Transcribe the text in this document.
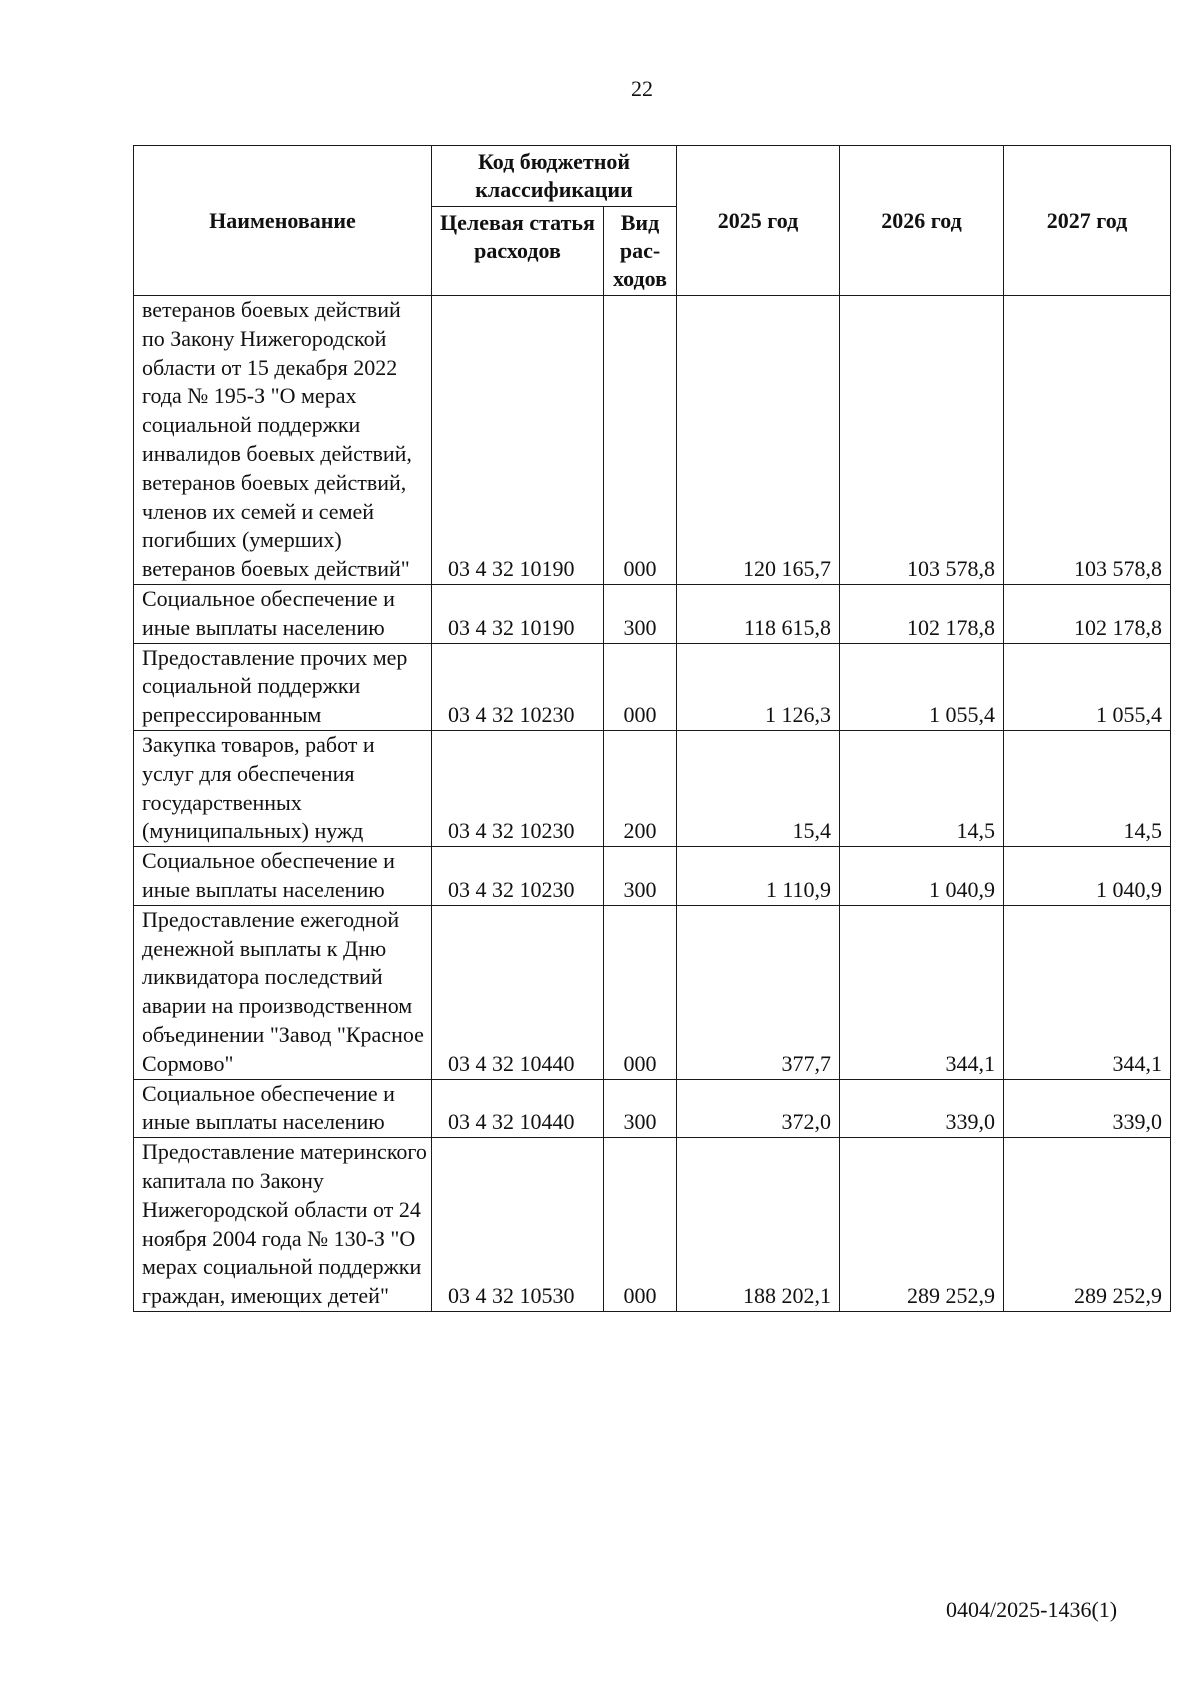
22
Наименование	Код бюджетной классификации		2025 год	2026 год	2027 год
	Целевая статья расходов	Вид рас-ходов			
ветеранов боевых действий по Закону Нижегородской области от 15 декабря 2022 года № 195-З "О мерах социальной поддержки инвалидов боевых действий, ветеранов боевых действий, членов их семей и семей погибших (умерших) ветеранов боевых действий"	03 4 32 10190	000	120 165,7	103 578,8	103 578,8
Социальное обеспечение и иные выплаты населению	03 4 32 10190	300	118 615,8	102 178,8	102 178,8
Предоставление прочих мер социальной поддержки репрессированным	03 4 32 10230	000	1 126,3	1 055,4	1 055,4
Закупка товаров, работ и услуг для обеспечения государственных (муниципальных) нужд	03 4 32 10230	200	15,4	14,5	14,5
Социальное обеспечение и иные выплаты населению	03 4 32 10230	300	1 110,9	1 040,9	1 040,9
Предоставление ежегодной денежной выплаты к Дню ликвидатора последствий аварии на производственном объединении "Завод "Красное Сормово"	03 4 32 10440	000	377,7	344,1	344,1
Социальное обеспечение и иные выплаты населению	03 4 32 10440	300	372,0	339,0	339,0
Предоставление материнского капитала по Закону Нижегородской области от 24 ноября 2004 года № 130-З "О мерах социальной поддержки граждан, имеющих детей"	03 4 32 10530	000	188 202,1	289 252,9	289 252,9
0404/2025-1436(1)
